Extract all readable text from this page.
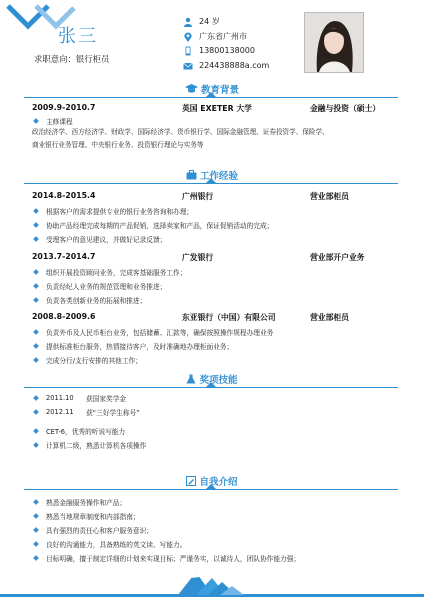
张三
求职意向：银行柜员
24 岁
广东省广州市
13800138000
224438888a.com
教育背景
2009.9-2010.7	英国 EXETER 大学	金融与投资（硕士）
主修课程
政治经济学、西方经济学、财政学、国际经济学、货币银行学、国际金融管理、证券投资学、保险学、
商业银行业务管理、中央银行业务、投资银行理论与实务等
工作经验
2014.8-2015.4	广州银行	营业部柜员
根据客户的需求提供专业的银行业务咨询和办理；
协助产品经理完成每期的产品促销，选择卖家和产品，保证促销活动的完成；
受理客户的意见建议，并做好记录反馈；
2013.7-2014.7	广发银行	营业部开户业务
组织开展投资顾问业务，完成客基础服务工作；
负责经纪人业务的规范管理和业务推进；
负责各类创新业务的拓展和推进；
2008.8-2009.6	东亚银行（中国）有限公司	营业部柜员
负责外币及人民币柜台业务，包括储蓄、汇款等，确保按照操作规程办理业务
提供标准柜台服务，热情接待客户，及时准确地办理柜面业务；
完成分行/支行安排的其他工作；
奖项技能
2011.10	获国家奖学金
2012.11	获“三好学生称号”
CET-6，优秀的听说写能力
计算机二级，熟悉计算机各项操作
自我介绍
熟悉金融服务操作和产品；
熟悉当地规章制度和内部指南；
具有强烈的责任心和客户服务意识；
良好的沟通能力，具备熟练的英文读、写能力。
目标明确，擅于制定详细的计划来实现目标；严谨务实，以诚待人，团队协作能力强；
